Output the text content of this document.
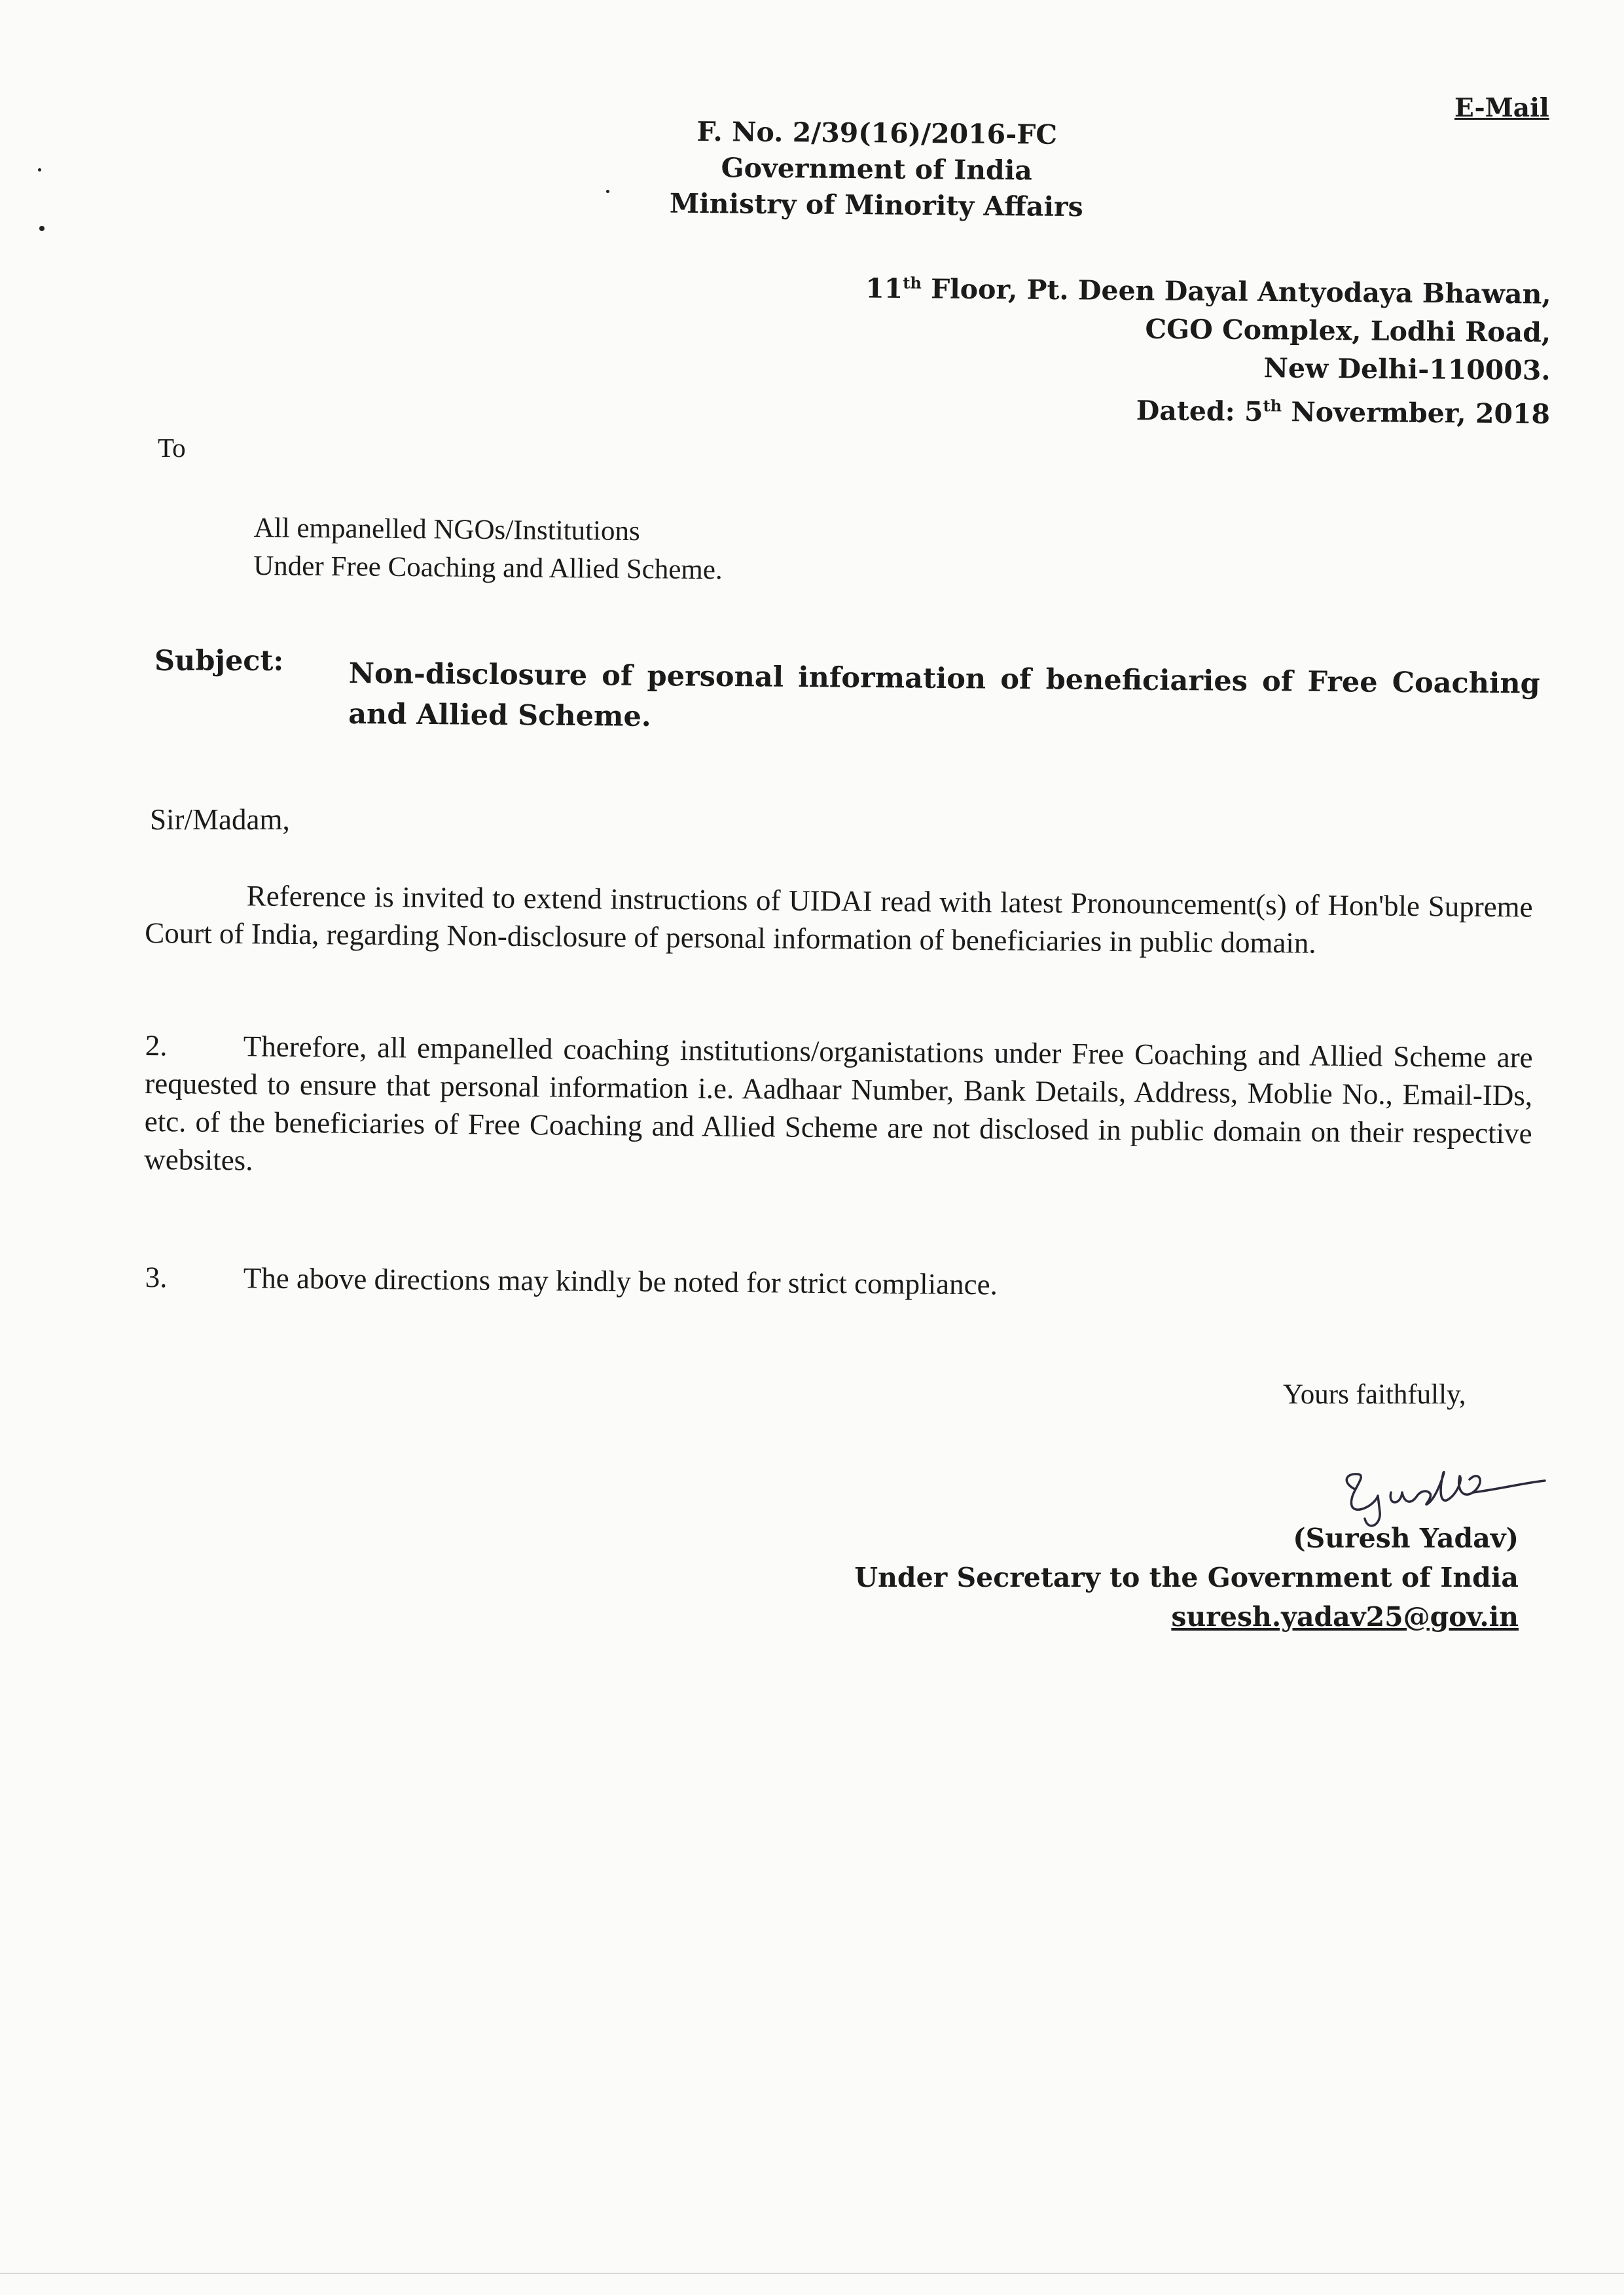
E-Mail
F. No. 2/39(16)/2016-FC
Government of India
Ministry of Minority Affairs
11th Floor, Pt. Deen Dayal Antyodaya Bhawan,
CGO Complex, Lodhi Road,
New Delhi-110003.
Dated: 5th Novermber, 2018
To
All empanelled NGOs/Institutions
Under Free Coaching and Allied Scheme.
Subject: Non-disclosure of personal information of beneficiaries of Free Coaching and Allied Scheme.
Sir/Madam,
Reference is invited to extend instructions of UIDAI read with latest Pronouncement(s) of Hon'ble Supreme Court of India, regarding Non-disclosure of personal information of beneficiaries in public domain.
2.	Therefore, all empanelled coaching institutions/organistations under Free Coaching and Allied Scheme are requested to ensure that personal information i.e. Aadhaar Number, Bank Details, Address, Moblie No., Email-IDs, etc. of the beneficiaries of Free Coaching and Allied Scheme are not disclosed in public domain on their respective websites.
3.	The above directions may kindly be noted for strict compliance.
Yours faithfully,
(Suresh Yadav)
Under Secretary to the Government of India
suresh.yadav25@gov.in
